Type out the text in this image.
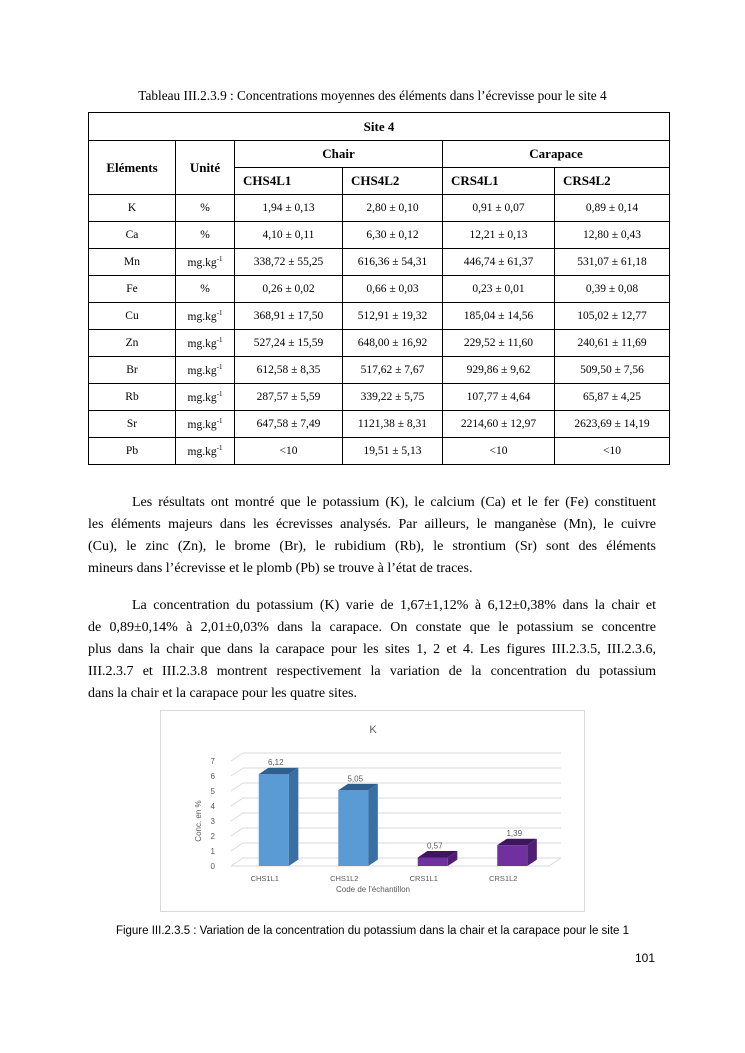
Tableau III.2.3.9 : Concentrations moyennes des éléments dans l’écrevisse pour le site 4
Site 4					
Eléments	Unité	Chair		Carapace	
		CHS4L1	CHS4L2	CRS4L1	CRS4L2
K	%	1,94 ± 0,13	2,80 ± 0,10	0,91 ± 0,07	0,89 ± 0,14
Ca	%	4,10 ± 0,11	6,30 ± 0,12	12,21 ± 0,13	12,80 ± 0,43
Mn	$mg.kg^{-1}$	338,72 ± 55,25	616,36 ± 54,31	446,74 ± 61,37	531,07 ± 61,18
Fe	%	0,26 ± 0,02	0,66 ± 0,03	0,23 ± 0,01	0,39 ± 0,08
Cu	$mg.kg^{-1}$	368,91 ± 17,50	512,91 ± 19,32	185,04 ± 14,56	105,02 ± 12,77
Zn	$mg.kg^{-1}$	527,24 ± 15,59	648,00 ± 16,92	229,52 ± 11,60	240,61 ± 11,69
Br	$mg.kg^{-1}$	612,58 ± 8,35	517,62 ± 7,67	929,86 ± 9,62	509,50 ± 7,56
Rb	$mg.kg^{-1}$	287,57 ± 5,59	339,22 ± 5,75	107,77 ± 4,64	65,87 ± 4,25
Sr	$mg.kg^{-1}$	647,58 ± 7,49	1121,38 ± 8,31	2214,60 ± 12,97	2623,69 ± 14,19
Pb	$mg.kg^{-1}$	<10	19,51 ± 5,13	<10	<10

Les résultats ont montré que le potassium (K), le calcium (Ca) et le fer (Fe) constituent
les éléments majeurs dans les écrevisses analysés. Par ailleurs, le manganèse (Mn), le cuivre
(Cu), le zinc (Zn), le brome (Br), le rubidium (Rb), le strontium (Sr) sont des éléments
mineurs dans l’écrevisse et le plomb (Pb) se trouve à l’état de traces.

La concentration du potassium (K) varie de 1,67±1,12% à 6,12±0,38% dans la chair et
de 0,89±0,14% à 2,01±0,03% dans la carapace. On constate que le potassium se concentre
plus dans la chair que dans la carapace pour les sites 1, 2 et 4. Les figures III.2.3.5, III.2.3.6,
III.2.3.7 et III.2.3.8 montrent respectivement la variation de la concentration du potassium
dans la chair et la carapace pour les quatre sites.

K
0
1
2
3
4
5
6
7
Conc. en %
6,12
CHS1L1
5,05
CHS1L2
0,57
CRS1L1
1,39
CRS1L2
Code de l'échantillon
Figure III.2.3.5 : Variation de la concentration du potassium dans la chair et la carapace pour le site 1
101
